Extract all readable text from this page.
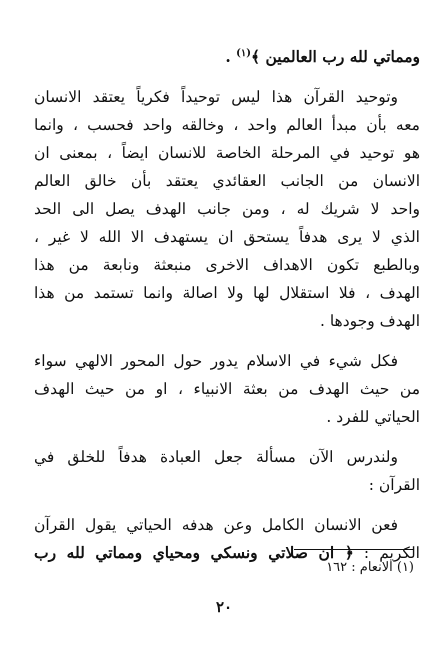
ومماتي لله رب العالمين ﴾$^{(١)}$ .
وتوحيد القرآن هذا ليس توحيداً فكرياً يعتقد الانسان
معه بأن مبدأ العالم واحد ، وخالقه واحد فحسب ، وانما
هو توحيد في المرحلة الخاصة للانسان ايضاً ، بمعنى ان
الانسان من الجانب العقائدي يعتقد بأن خالق العالم
واحد لا شريك له ، ومن جانب الهدف يصل الى الحد
الذي لا يرى هدفاً يستحق ان يستهدف الا الله لا غير ،
وبالطبع تكون الاهداف الاخرى منبعثة ونابعة من هذا
الهدف ، فلا استقلال لها ولا اصالة وانما تستمد من هذا
الهدف وجودها .
فكل شيء في الاسلام يدور حول المحور الالهي سواء
من حيث الهدف من بعثة الانبياء ، او من حيث الهدف
الحياتي للفرد .
ولندرس الآن مسألة جعل العبادة هدفاً للخلق في
القرآن :
فعن الانسان الكامل وعن هدفه الحياتي يقول القرآن
الكريم : ﴿ ان صلاتي ونسكي ومحياي ومماتي لله رب
(١) الانعام : ١٦٢
٢٠
